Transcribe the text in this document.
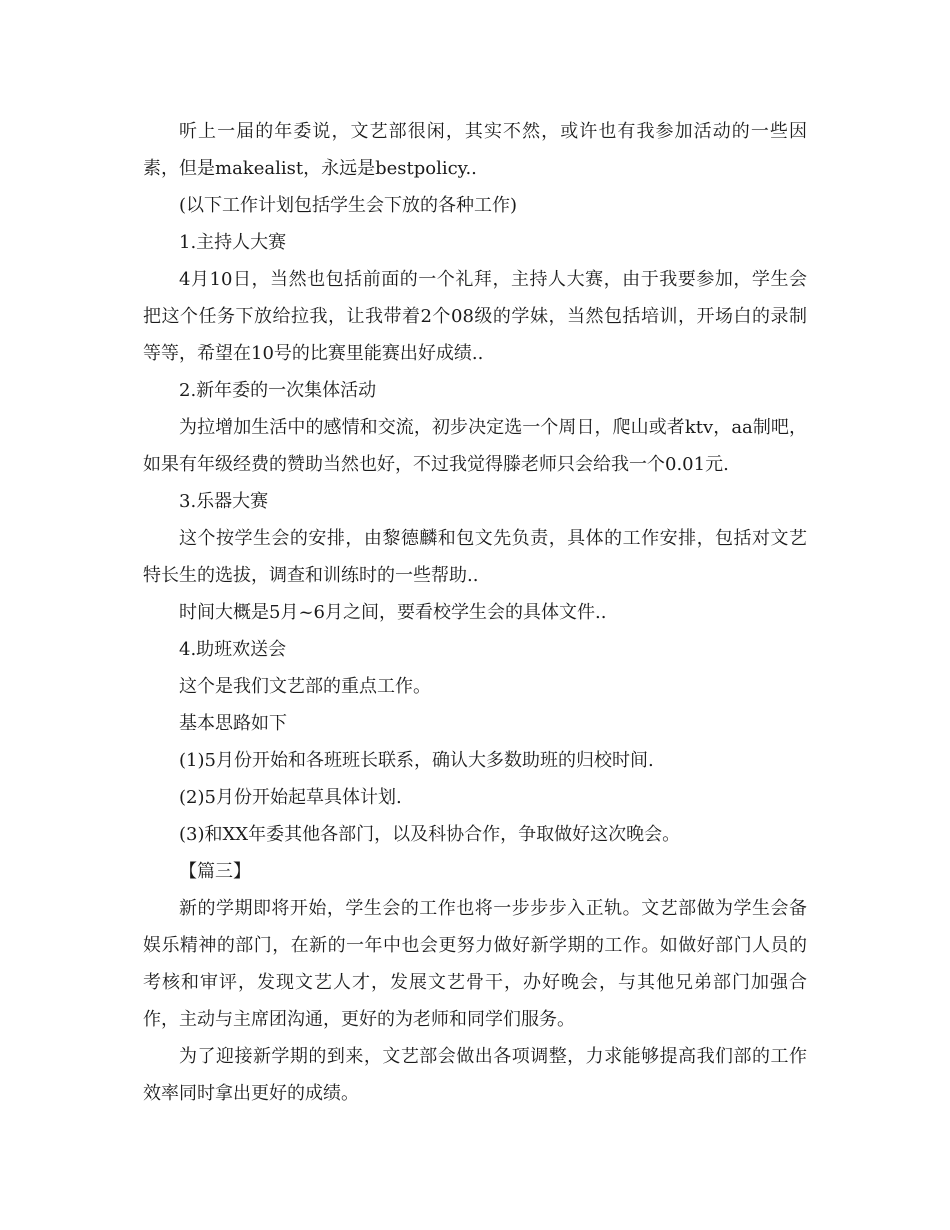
听上一届的年委说，文艺部很闲，其实不然，或许也有我参加活动的一些因素，但是makealist，永远是bestpolicy..

(以下工作计划包括学生会下放的各种工作)

1.主持人大赛

4月10日，当然也包括前面的一个礼拜，主持人大赛，由于我要参加，学生会把这个任务下放给拉我，让我带着2个08级的学妹，当然包括培训，开场白的录制等等，希望在10号的比赛里能赛出好成绩..

2.新年委的一次集体活动

为拉增加生活中的感情和交流，初步决定选一个周日，爬山或者ktv，aa制吧，如果有年级经费的赞助当然也好，不过我觉得滕老师只会给我一个0.01元.

3.乐器大赛

这个按学生会的安排，由黎德麟和包文先负责，具体的工作安排，包括对文艺特长生的选拔，调查和训练时的一些帮助..

时间大概是5月~6月之间，要看校学生会的具体文件..

4.助班欢送会

这个是我们文艺部的重点工作。

基本思路如下

(1)5月份开始和各班班长联系，确认大多数助班的归校时间.

(2)5月份开始起草具体计划.

(3)和XX年委其他各部门，以及科协合作，争取做好这次晚会。

【篇三】

新的学期即将开始，学生会的工作也将一步步步入正轨。文艺部做为学生会备娱乐精神的部门，在新的一年中也会更努力做好新学期的工作。如做好部门人员的考核和审评，发现文艺人才，发展文艺骨干，办好晚会，与其他兄弟部门加强合作，主动与主席团沟通，更好的为老师和同学们服务。

为了迎接新学期的到来，文艺部会做出各项调整，力求能够提高我们部的工作效率同时拿出更好的成绩。
